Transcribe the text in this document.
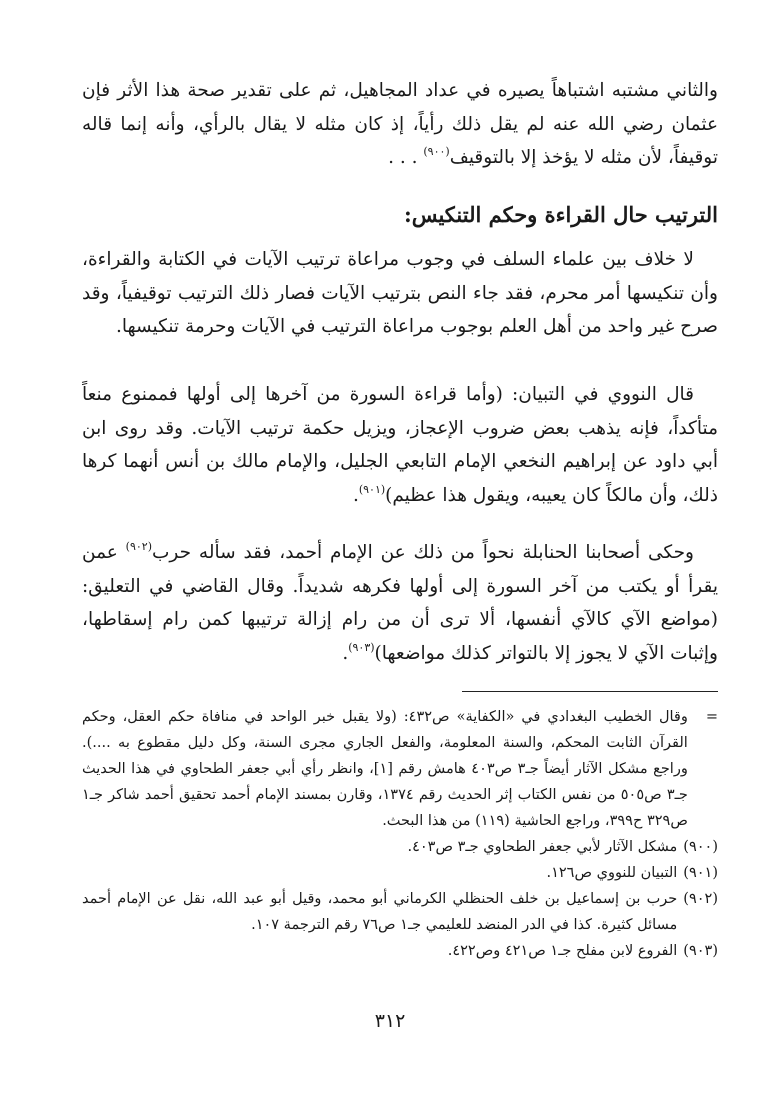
والثاني مشتبه اشتباهاً يصيره في عداد المجاهيل، ثم على تقدير صحة هذا الأثر فإن عثمان رضي الله عنه لم يقل ذلك رأياً، إذ كان مثله لا يقال بالرأي، وأنه إنما قاله توقيفاً، لأن مثله لا يؤخذ إلا بالتوقيف$^{(٩٠٠)}$ . . .

الترتيب حال القراءة وحكم التنكيس:

لا خلاف بين علماء السلف في وجوب مراعاة ترتيب الآيات في الكتابة والقراءة، وأن تنكيسها أمر محرم، فقد جاء النص بترتيب الآيات فصار ذلك الترتيب توقيفياً، وقد صرح غير واحد من أهل العلم بوجوب مراعاة الترتيب في الآيات وحرمة تنكيسها.

قال النووي في التبيان: (وأما قراءة السورة من آخرها إلى أولها فممنوع منعاً متأكداً، فإنه يذهب بعض ضروب الإعجاز، ويزيل حكمة ترتيب الآيات. وقد روى ابن أبي داود عن إبراهيم النخعي الإمام التابعي الجليل، والإمام مالك بن أنس أنهما كرها ذلك، وأن مالكاً كان يعيبه، ويقول هذا عظيم)$^{(٩٠١)}$.

وحكى أصحابنا الحنابلة نحواً من ذلك عن الإمام أحمد، فقد سأله حرب$^{(٩٠٢)}$ عمن يقرأ أو يكتب من آخر السورة إلى أولها فكرهه شديداً. وقال القاضي في التعليق: (مواضع الآي كالآي أنفسها، ألا ترى أن من رام إزالة ترتيبها كمن رام إسقاطها، وإثبات الآي لا يجوز إلا بالتواتر كذلك مواضعها)$^{(٩٠٣)}$.

=
وقال الخطيب البغدادي في «الكفاية» ص٤٣٢: (ولا يقبل خبر الواحد في منافاة حكم العقل، وحكم القرآن الثابت المحكم، والسنة المعلومة، والفعل الجاري مجرى السنة، وكل دليل مقطوع به ....). وراجع مشكل الآثار أيضاً جـ٣ ص٤٠٣ هامش رقم [١]، وانظر رأي أبي جعفر الطحاوي في هذا الحديث جـ٣ ص٥٠٥ من نفس الكتاب إثر الحديث رقم ١٣٧٤، وقارن بمسند الإمام أحمد تحقيق أحمد شاكر جـ١ ص٣٢٩ ح٣٩٩، وراجع الحاشية (١١٩) من هذا البحث.
(٩٠٠)
مشكل الآثار لأبي جعفر الطحاوي جـ٣ ص٤٠٣.
(٩٠١)
التبيان للنووي ص١٢٦.
(٩٠٢)
حرب بن إسماعيل بن خلف الحنظلي الكرماني أبو محمد، وقيل أبو عبد الله، نقل عن الإمام أحمد مسائل كثيرة. كذا في الدر المنضد للعليمي جـ١ ص٧٦ رقم الترجمة ١٠٧.
(٩٠٣)
الفروع لابن مفلح جـ١ ص٤٢١ وص٤٢٢.
٣١٢
